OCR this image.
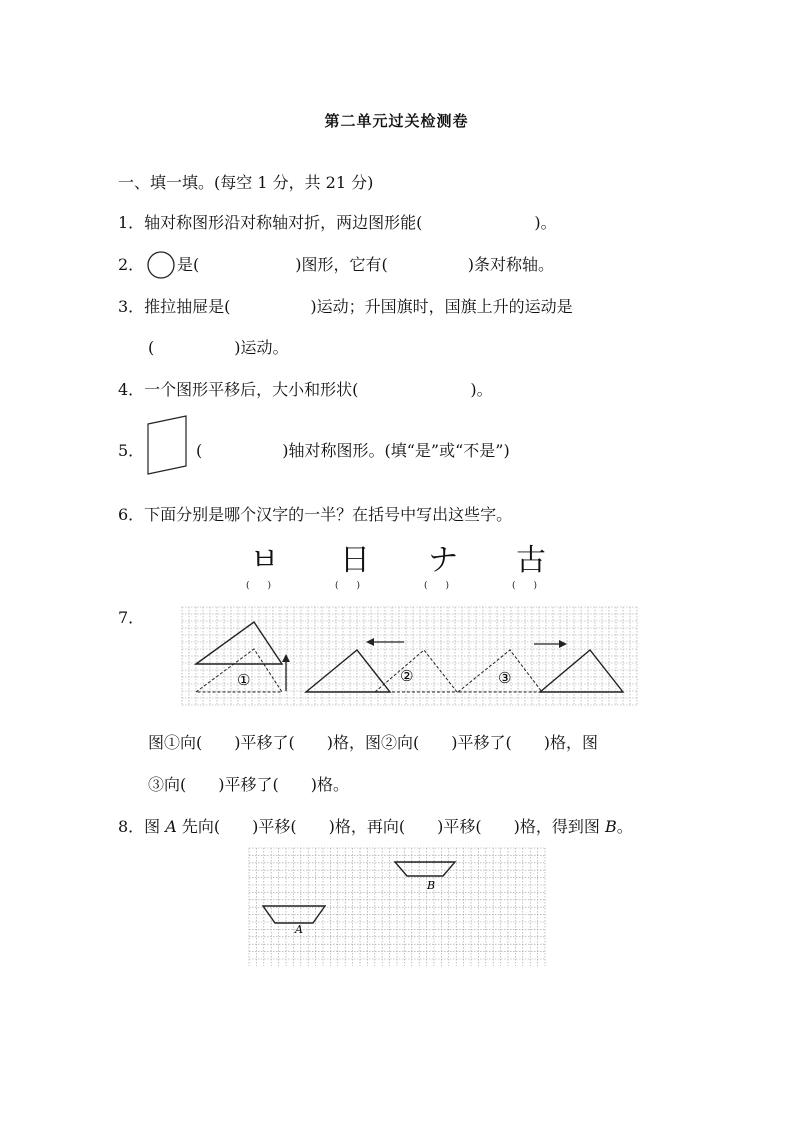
第二单元过关检测卷
一、填一填。(每空 1 分，共 21 分)
1．轴对称图形沿对称轴对折，两边图形能(　　　　　　　)。
2． 是(　　　　　　)图形，它有(　　　　　)条对称轴。
3．推拉抽屉是(　　　　　)运动；升国旗时，国旗上升的运动是
(　　　　　)运动。
4．一个图形平移后，大小和形状(　　　　　　　)。
5．	(　　　　　)轴对称图形。(填“是”或“不是”)
6．下面分别是哪个汉字的一半？在括号中写出这些字。
ㅂ 日 ナ 古
(　　)	(　　)	(　　)	(　　)
7．
①	②	③
图①向(　　)平移了(　　)格，图②向(　　)平移了(　　)格，图
③向(　　)平移了(　　)格。
8．图 A 先向(　　)平移(　　)格，再向(　　)平移(　　)格，得到图 B。
B
A
